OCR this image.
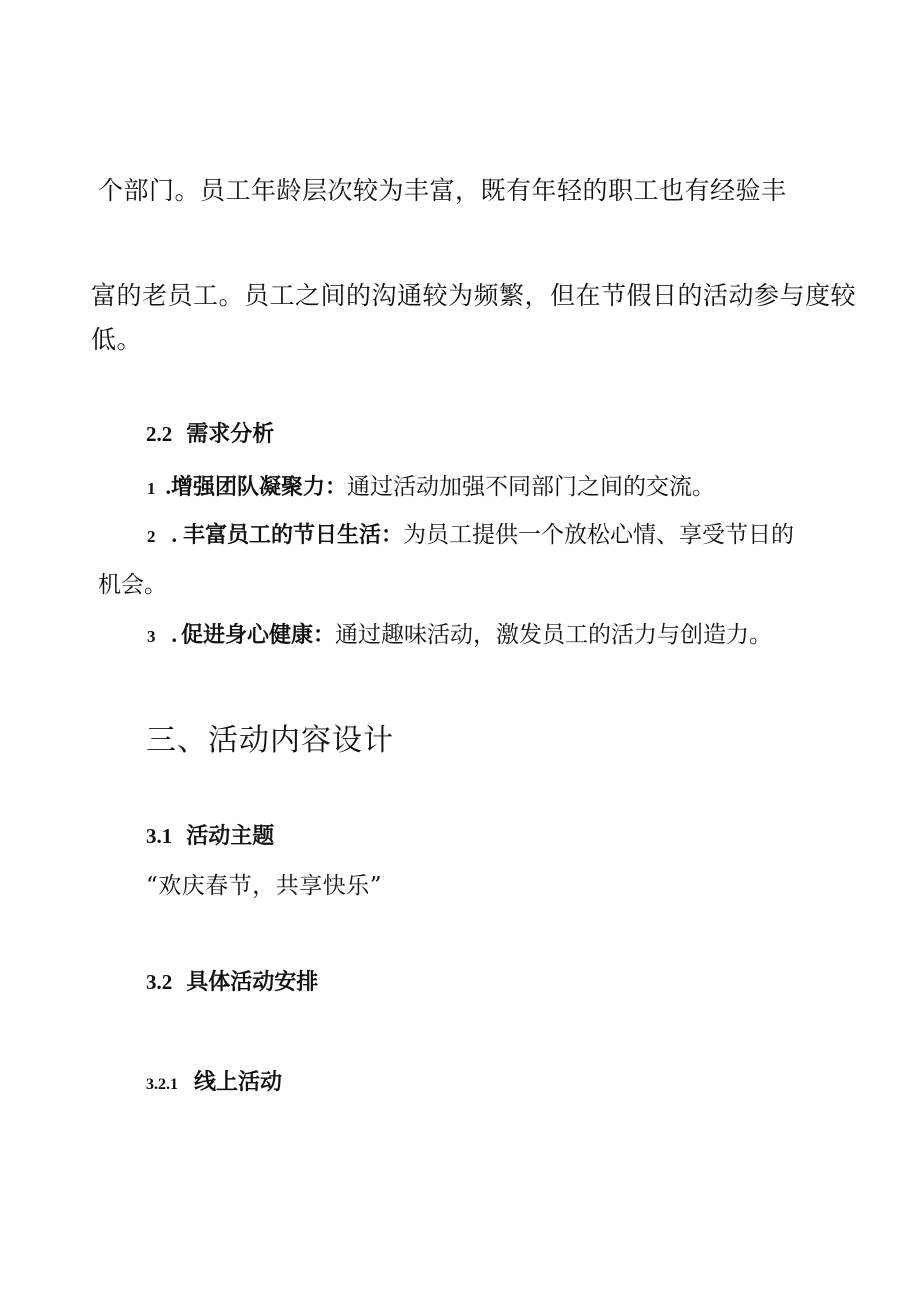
个部门。员工年龄层次较为丰富，既有年轻的职工也有经验丰
富的老员工。员工之间的沟通较为频繁，但在节假日的活动参与度较
低。
2.2 需求分析
1 .增强团队凝聚力：通过活动加强不同部门之间的交流。
2 . 丰富员工的节日生活：为员工提供一个放松心情、享受节日的
机会。
3 . 促进身心健康：通过趣味活动，激发员工的活力与创造力。
三、活动内容设计
3.1 活动主题
“欢庆春节，共享快乐”
3.2 具体活动安排
3.2.1 线上活动
